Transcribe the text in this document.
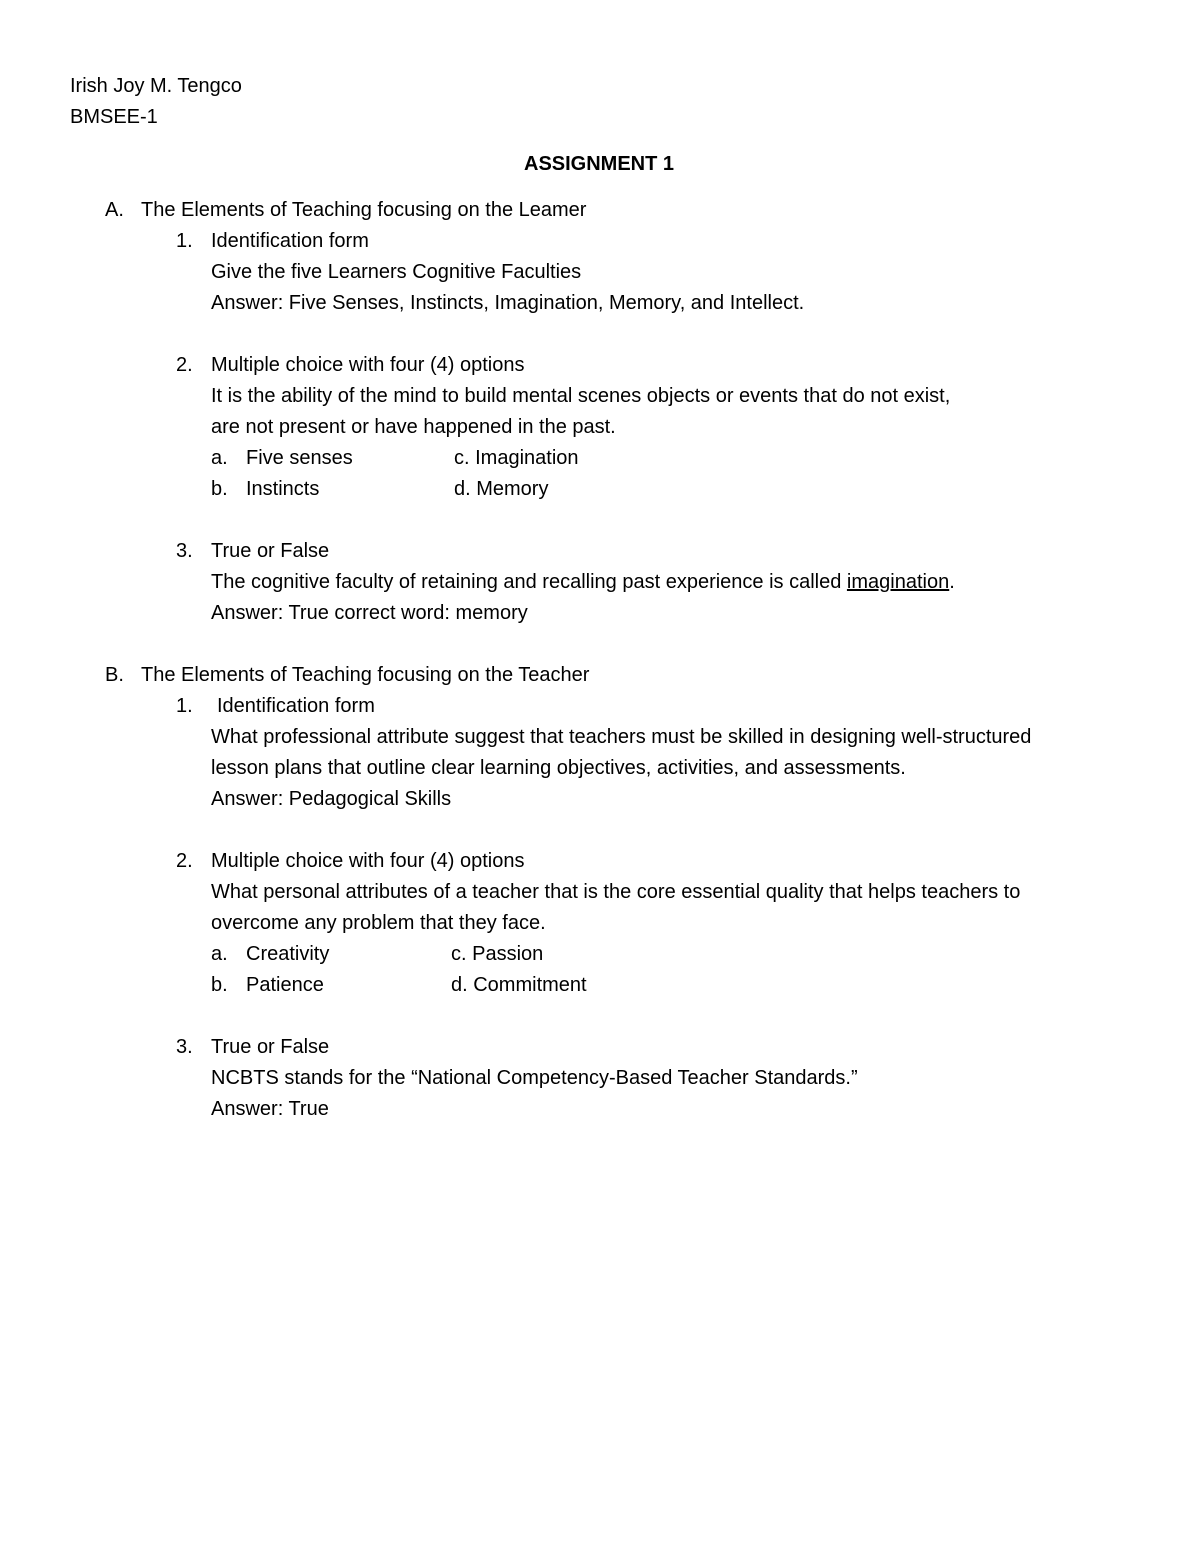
Irish Joy M. Tengco
BMSEE-1
ASSIGNMENT 1
A. The Elements of Teaching focusing on the Leamer
1. Identification form
Give the five Learners Cognitive Faculties
Answer: Five Senses, Instincts, Imagination, Memory, and Intellect.
2. Multiple choice with four (4) options
It is the ability of the mind to build mental scenes objects or events that do not exist,
are not present or have happened in the past.
a. Five senses	c. Imagination
b. Instincts	d. Memory
3. True or False
The cognitive faculty of retaining and recalling past experience is called imagination.
Answer: True correct word: memory
B. The Elements of Teaching focusing on the Teacher
1. Identification form
What professional attribute suggest that teachers must be skilled in designing well-structured
lesson plans that outline clear learning objectives, activities, and assessments.
Answer: Pedagogical Skills
2. Multiple choice with four (4) options
What personal attributes of a teacher that is the core essential quality that helps teachers to
overcome any problem that they face.
a. Creativity	c. Passion
b. Patience	d. Commitment
3. True or False
NCBTS stands for the “National Competency-Based Teacher Standards.”
Answer: True
